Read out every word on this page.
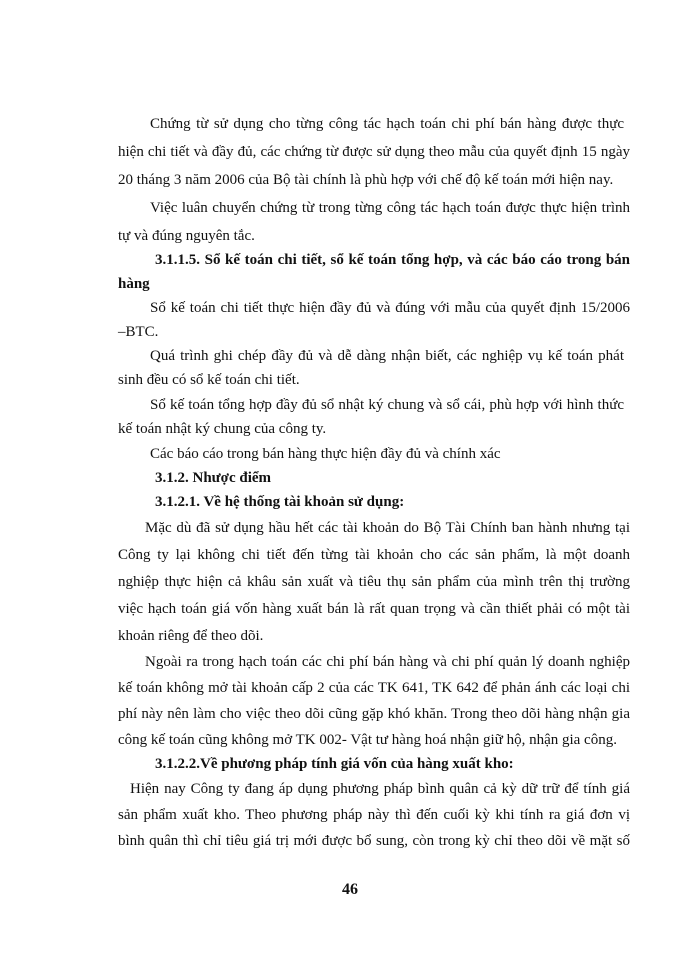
Chứng từ sử dụng cho từng công tác hạch toán chi phí bán hàng được thực
hiện chi tiết và đầy đủ, các chứng từ được sử dụng theo mẫu của quyết định 15 ngày
20 tháng 3 năm 2006 của Bộ tài chính là phù hợp với chế độ kế toán mới hiện nay.
Việc luân chuyển chứng từ trong từng công tác hạch toán được thực hiện trình
tự và đúng nguyên tắc.
3.1.1.5. Sổ kế toán chi tiết, sổ kế toán tổng hợp, và các báo cáo trong bán
hàng
Sổ kế toán chi tiết thực hiện đầy đủ và đúng với mẫu của quyết định 15/2006
–BTC.
Quá trình ghi chép đầy đủ và dễ dàng nhận biết, các nghiệp vụ kế toán phát
sinh đều có sổ kế toán chi tiết.
Sổ kế toán tổng hợp đầy đủ sổ nhật ký chung và sổ cái, phù hợp với hình thức
kế toán nhật ký chung của công ty.
Các báo cáo trong bán hàng thực hiện đầy đủ và chính xác
3.1.2. Nhược điểm
3.1.2.1. Về hệ thống tài khoản sử dụng:
Mặc dù đã sử dụng hầu hết các tài khoản do Bộ Tài Chính ban hành nhưng tại
Công ty lại không chi tiết đến từng tài khoản cho các sản phẩm, là một doanh
nghiệp thực hiện cả khâu sản xuất và tiêu thụ sản phẩm của mình trên thị trường
việc hạch toán giá vốn hàng xuất bán là rất quan trọng và cần thiết phải có một tài
khoản riêng để theo dõi.
Ngoài ra trong hạch toán các chi phí bán hàng và chi phí quản lý doanh nghiệp
kế toán không mở tài khoản cấp 2 của các TK 641, TK 642 để phản ánh các loại chi
phí này nên làm cho việc theo dõi cũng gặp khó khăn. Trong theo dõi hàng nhận gia
công kế toán cũng không mở TK 002- Vật tư hàng hoá nhận giữ hộ, nhận gia công.
3.1.2.2.Về phương pháp tính giá vốn của hàng xuất kho:
Hiện nay Công ty đang áp dụng phương pháp bình quân cả kỳ dữ trữ để tính giá
sản phẩm xuất kho. Theo phương pháp này thì đến cuối kỳ khi tính ra giá đơn vị
bình quân thì chỉ tiêu giá trị mới được bổ sung, còn trong kỳ chỉ theo dõi về mặt số
46
